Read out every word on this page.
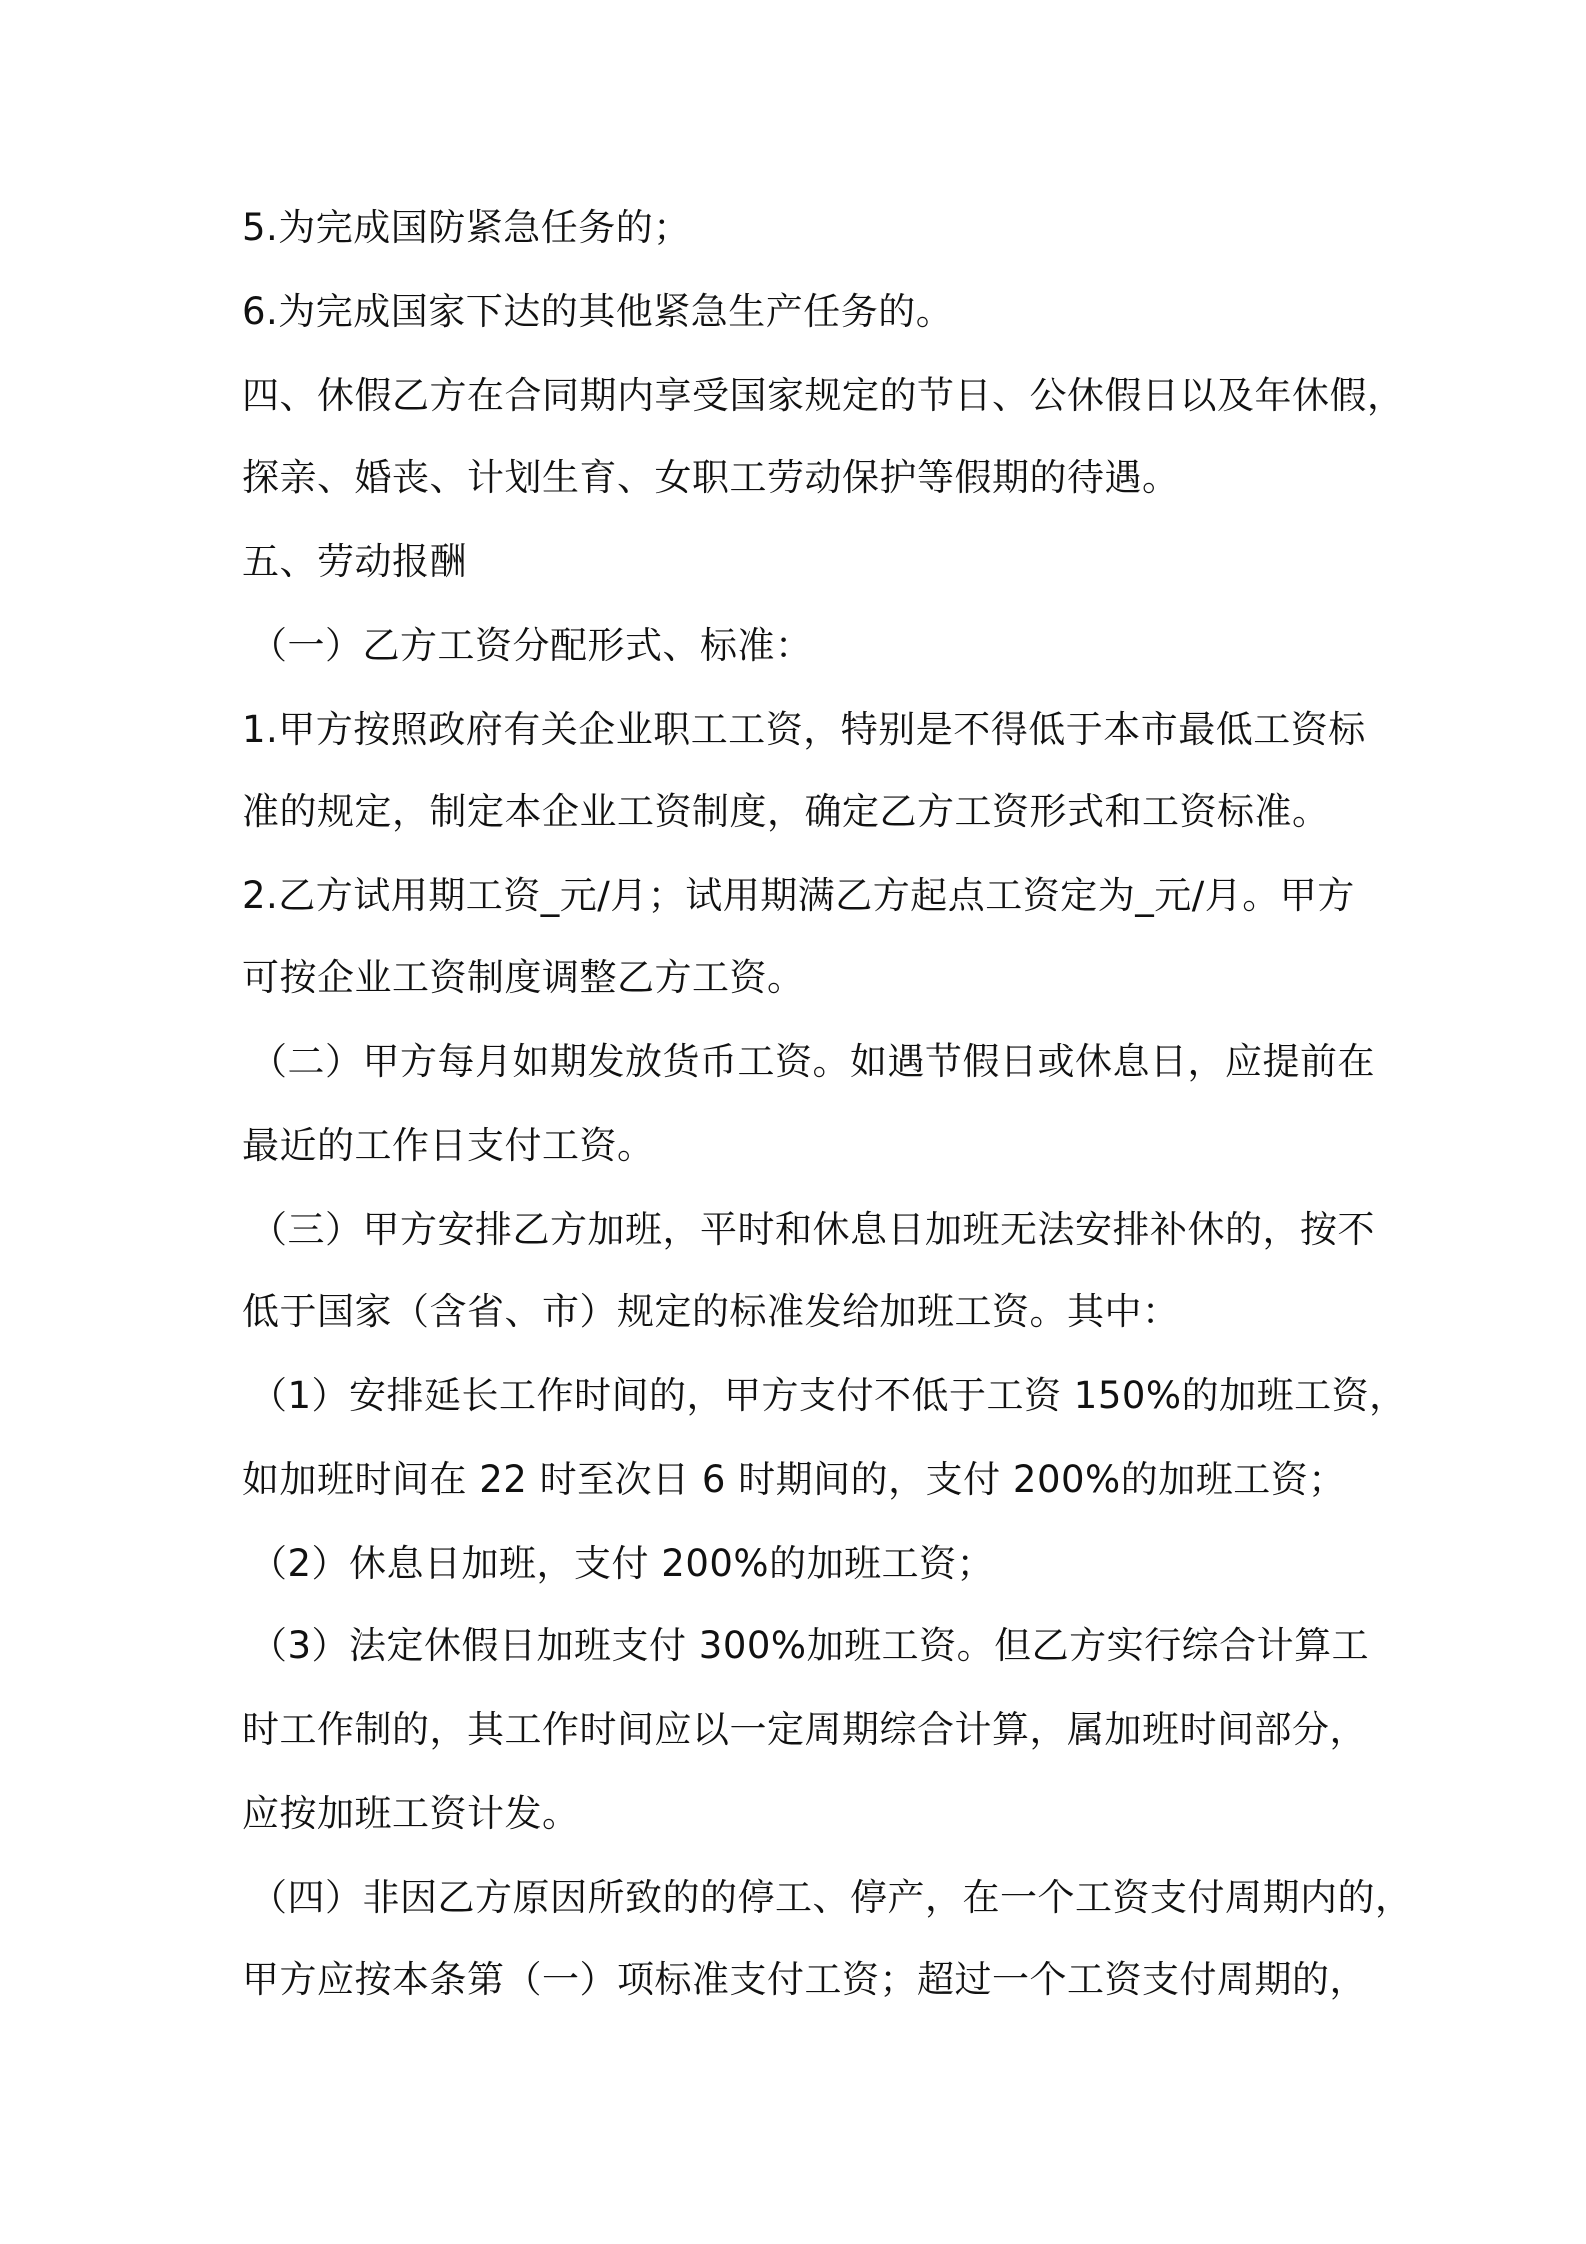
5.为完成国防紧急任务的；
6.为完成国家下达的其他紧急生产任务的。
四、休假乙方在合同期内享受国家规定的节日、公休假日以及年休假，
探亲、婚丧、计划生育、女职工劳动保护等假期的待遇。
五、劳动报酬
（一）乙方工资分配形式、标准：
1.甲方按照政府有关企业职工工资，特别是不得低于本市最低工资标
准的规定，制定本企业工资制度，确定乙方工资形式和工资标准。
2.乙方试用期工资_元/月；试用期满乙方起点工资定为_元/月。甲方
可按企业工资制度调整乙方工资。
（二）甲方每月如期发放货币工资。如遇节假日或休息日，应提前在
最近的工作日支付工资。
（三）甲方安排乙方加班，平时和休息日加班无法安排补休的，按不
低于国家（含省、市）规定的标准发给加班工资。其中：
（1）安排延长工作时间的，甲方支付不低于工资 150%的加班工资，
如加班时间在 22 时至次日 6 时期间的，支付 200%的加班工资；
（2）休息日加班，支付 200%的加班工资；
（3）法定休假日加班支付 300%加班工资。但乙方实行综合计算工
时工作制的，其工作时间应以一定周期综合计算，属加班时间部分，
应按加班工资计发。
（四）非因乙方原因所致的的停工、停产，在一个工资支付周期内的，
甲方应按本条第（一）项标准支付工资；超过一个工资支付周期的，
